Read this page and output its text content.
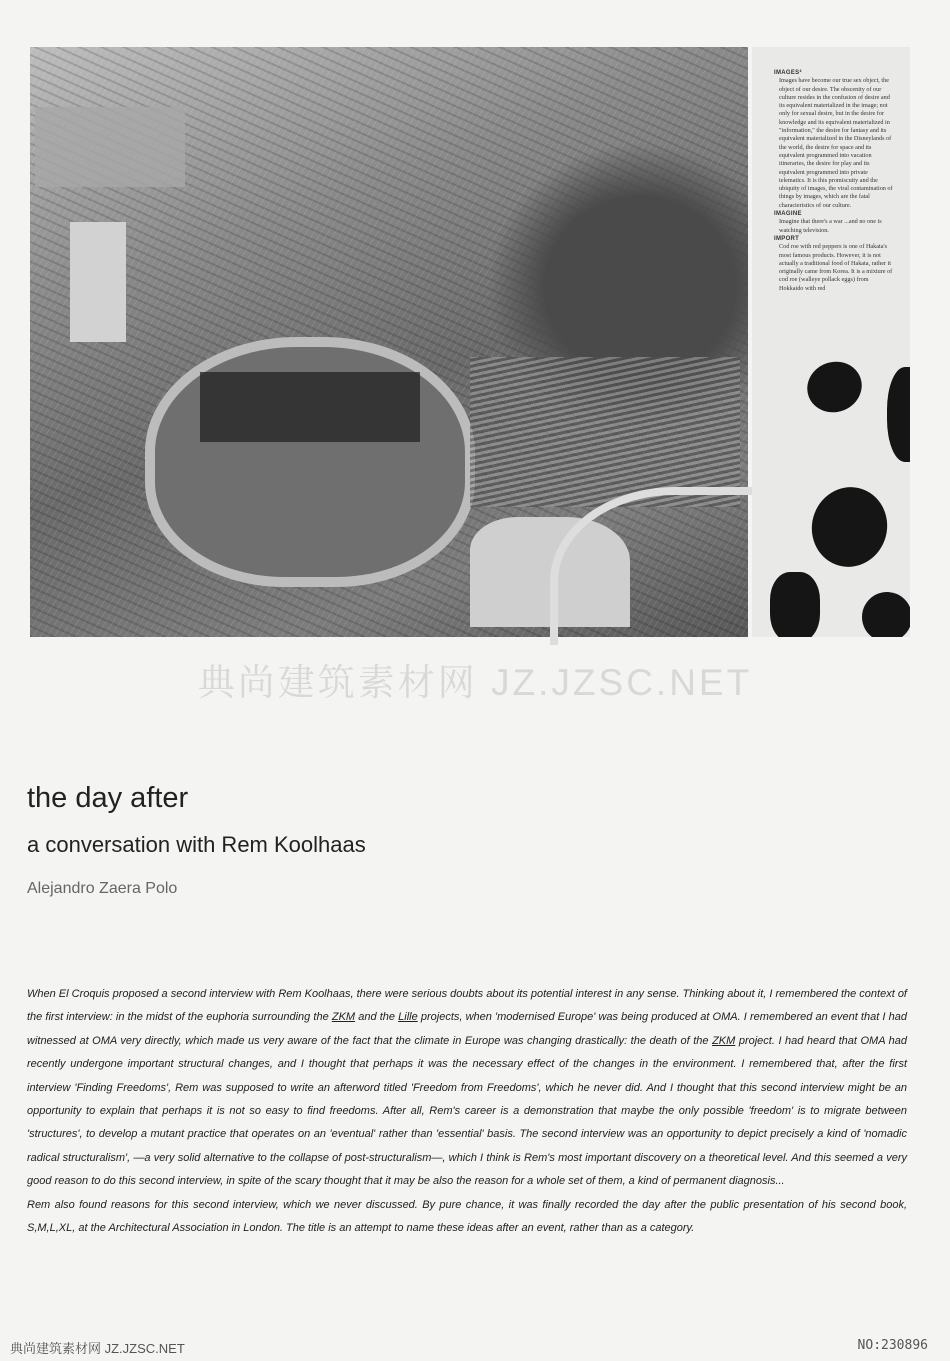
IMAGES²

Images have become our true sex object, the object of our desire. The obscenity of our culture resides in the confusion of desire and its equivalent materialized in the image; not only for sexual desire, but in the desire for knowledge and its equivalent materialized in "information," the desire for fantasy and its equivalent materialized in the Disneylands of the world, the desire for space and its equivalent programmed into vacation itineraries, the desire for play and its equivalent programmed into private telematics. It is this promiscuity and the ubiquity of images, the viral contamination of things by images, which are the fatal characteristics of our culture.

IMAGINE

Imagine that there's a war ...and no one is watching television.

IMPORT

Cod roe with red peppers is one of Hakata's most famous products. However, it is not actually a traditional food of Hakata, rather it originally came from Korea. It is a mixture of cod roe (walleye pollack eggs) from Hokkaido with red

典尚建筑素材网 JZ.JZSC.NET

the day after
a conversation with Rem Koolhaas

Alejandro Zaera Polo

When El Croquis proposed a second interview with Rem Koolhaas, there were serious doubts about its potential interest in any sense. Thinking about it, I remembered the context of the first interview: in the midst of the euphoria surrounding the ZKM and the Lille projects, when 'modernised Europe' was being produced at OMA. I remembered an event that I had witnessed at OMA very directly, which made us very aware of the fact that the climate in Europe was changing drastically: the death of the ZKM project. I had heard that OMA had recently undergone important structural changes, and I thought that perhaps it was the necessary effect of the changes in the environment. I remembered that, after the first interview 'Finding Freedoms', Rem was supposed to write an afterword titled 'Freedom from Freedoms', which he never did. And I thought that this second interview might be an opportunity to explain that perhaps it is not so easy to find freedoms. After all, Rem's career is a demonstration that maybe the only possible 'freedom' is to migrate between 'structures', to develop a mutant practice that operates on an 'eventual' rather than 'essential' basis. The second interview was an opportunity to depict precisely a kind of 'nomadic radical structuralism', —a very solid alternative to the collapse of post-structuralism—, which I think is Rem's most important discovery on a theoretical level. And this seemed a very good reason to do this second interview, in spite of the scary thought that it may be also the reason for a whole set of them, a kind of permanent diagnosis...

Rem also found reasons for this second interview, which we never discussed. By pure chance, it was finally recorded the day after the public presentation of his second book, S,M,L,XL, at the Architectural Association in London. The title is an attempt to name these ideas after an event, rather than as a category.

典尚建筑素材网 JZ.JZSC.NET	NO:230896
